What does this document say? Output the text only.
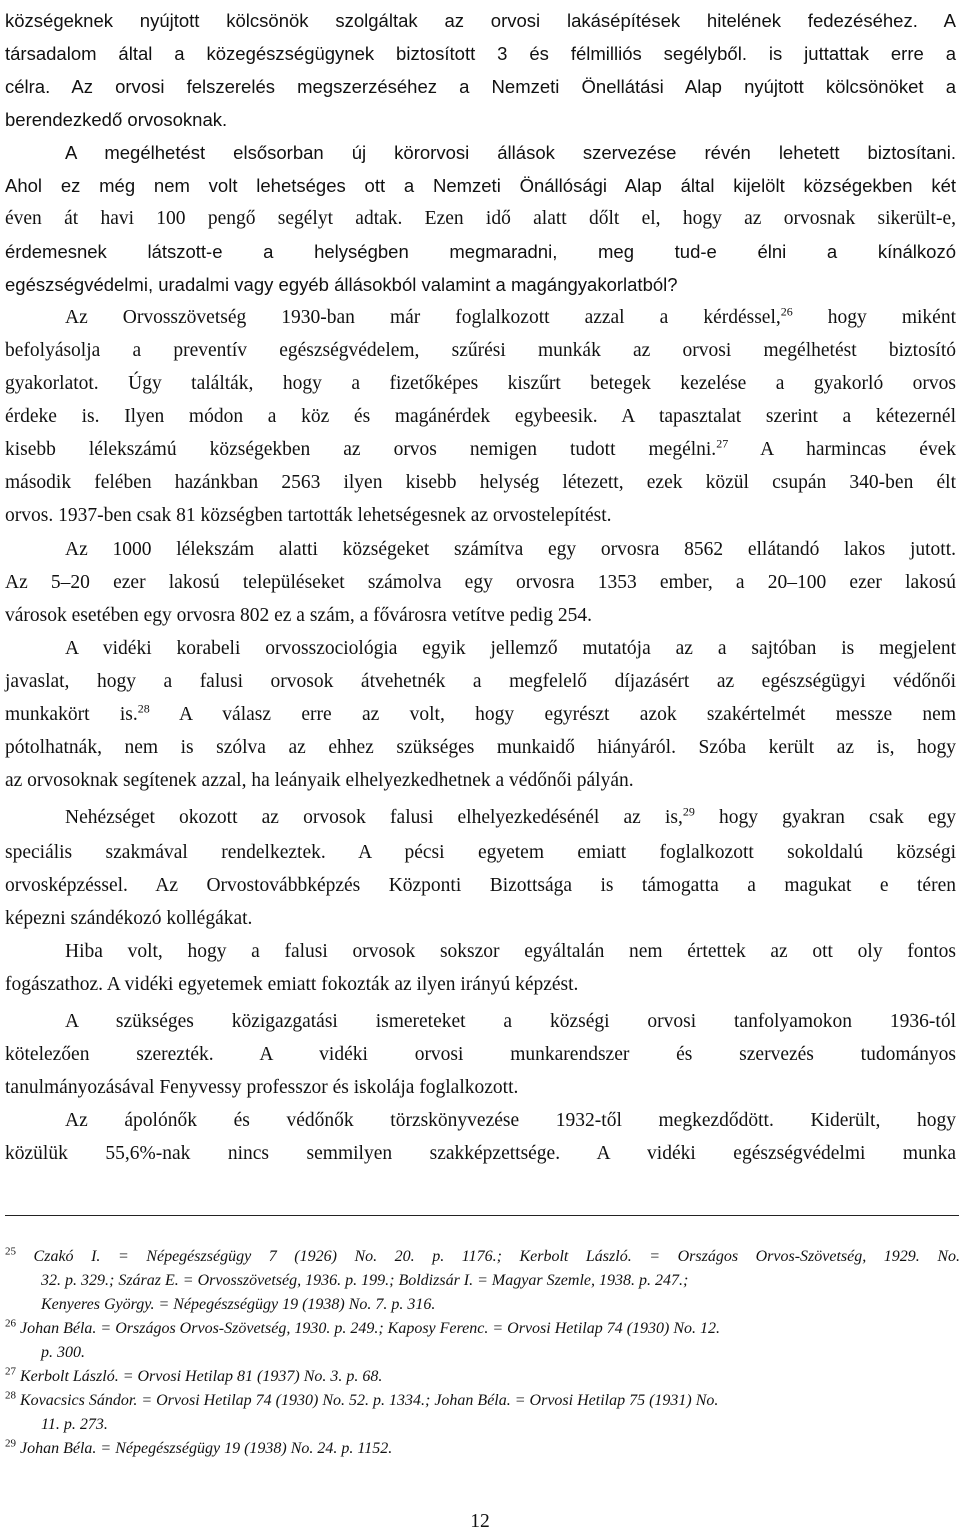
községeknek nyújtott kölcsönök szolgáltak az orvosi lakásépítések hitelének fedezéséhez. A
társadalom által a közegészségügynek biztosított 3 és félmilliós segélyből. is juttattak erre a
célra. Az orvosi felszerelés megszerzéséhez a Nemzeti Önellátási Alap nyújtott kölcsönöket a
berendezkedő orvosoknak.
A megélhetést elsősorban új körorvosi állások szervezése révén lehetett biztosítani.
Ahol ez még nem volt lehetséges ott a Nemzeti Önállósági Alap által kijelölt községekben két
éven át havi 100 pengő segélyt adtak. Ezen idő alatt dőlt el, hogy az orvosnak sikerült-e,
érdemesnek látszott-e a helységben megmaradni, meg tud-e élni a kínálkozó
egészségvédelmi, uradalmi vagy egyéb állásokból valamint a magángyakorlatból?
Az Orvosszövetség 1930-ban már foglalkozott azzal a kérdéssel,$^{26}$ hogy miként
befolyásolja a preventív egészségvédelem, szűrési munkák az orvosi megélhetést biztosító
gyakorlatot. Úgy találták, hogy a fizetőképes kiszűrt betegek kezelése a gyakorló orvos
érdeke is. Ilyen módon a köz és magánérdek egybeesik. A tapasztalat szerint a kétezernél
kisebb lélekszámú községekben az orvos nemigen tudott megélni.$^{27}$ A harmincas évek
második felében hazánkban 2563 ilyen kisebb helység létezett, ezek közül csupán 340-ben élt
orvos. 1937-ben csak 81 községben tartották lehetségesnek az orvostelepítést.
Az 1000 lélekszám alatti községeket számítva egy orvosra 8562 ellátandó lakos jutott.
Az 5–20 ezer lakosú településeket számolva egy orvosra 1353 ember, a 20–100 ezer lakosú
városok esetében egy orvosra 802 ez a szám, a fővárosra vetítve pedig 254.
A vidéki korabeli orvosszociológia egyik jellemző mutatója az a sajtóban is megjelent
javaslat, hogy a falusi orvosok átvehetnék a megfelelő díjazásért az egészségügyi védőnői
munkakört is.$^{28}$ A válasz erre az volt, hogy egyrészt azok szakértelmét messze nem
pótolhatnák, nem is szólva az ehhez szükséges munkaidő hiányáról. Szóba került az is, hogy
az orvosoknak segítenek azzal, ha leányaik elhelyezkedhetnek a védőnői pályán.
Nehézséget okozott az orvosok falusi elhelyezkedésénél az is,$^{29}$ hogy gyakran csak egy
speciális szakmával rendelkeztek. A pécsi egyetem emiatt foglalkozott sokoldalú községi
orvosképzéssel. Az Orvostovábbképzés Központi Bizottsága is támogatta a magukat e téren
képezni szándékozó kollégákat.
Hiba volt, hogy a falusi orvosok sokszor egyáltalán nem értettek az ott oly fontos
fogászathoz. A vidéki egyetemek emiatt fokozták az ilyen irányú képzést.
A szükséges közigazgatási ismereteket a községi orvosi tanfolyamokon 1936-tól
kötelezően szerezték. A vidéki orvosi munkarendszer és szervezés tudományos
tanulmányozásával Fenyvessy professzor és iskolája foglalkozott.
Az ápolónők és védőnők törzskönyvezése 1932-től megkezdődött. Kiderült, hogy
közülük 55,6%-nak nincs semmilyen szakképzettsége. A vidéki egészségvédelmi munka
$^{25}$ Czakó I. = Népegészségügy 7 (1926) No. 20. p. 1176.; Kerbolt László. = Országos Orvos-Szövetség, 1929. No.
32. p. 329.; Száraz E. = Orvosszövetség, 1936. p. 199.; Boldizsár I. = Magyar Szemle, 1938. p. 247.;
Kenyeres György. = Népegészségügy 19 (1938) No. 7. p. 316.
$^{26}$ Johan Béla. = Országos Orvos-Szövetség, 1930. p. 249.; Kaposy Ferenc. = Orvosi Hetilap 74 (1930) No. 12.
p. 300.
$^{27}$ Kerbolt László. = Orvosi Hetilap 81 (1937) No. 3. p. 68.
$^{28}$ Kovacsics Sándor. = Orvosi Hetilap 74 (1930) No. 52. p. 1334.; Johan Béla. = Orvosi Hetilap 75 (1931) No.
11. p. 273.
$^{29}$ Johan Béla. = Népegészségügy 19 (1938) No. 24. p. 1152.
12
